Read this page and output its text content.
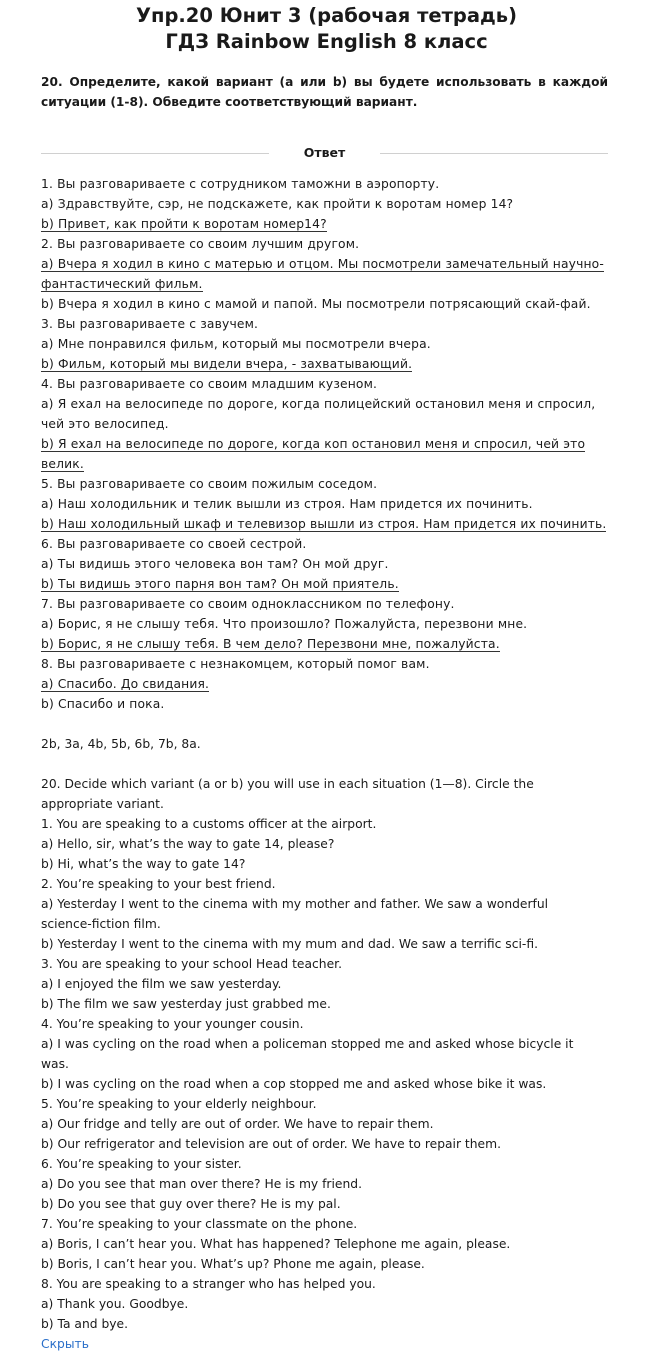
Упр.20 Юнит 3 (рабочая тетрадь)
ГДЗ Rainbow English 8 класс

20. Определите, какой вариант (a или b) вы будете использовать в каждой ситуации (1-8). Обведите соответствующий вариант.

Ответ
1. Вы разговариваете с сотрудником таможни в аэропорту.
а) Здравствуйте, сэр, не подскажете, как пройти к воротам номер 14?
b) Привет, как пройти к воротам номер14?
2. Вы разговариваете со своим лучшим другом.
а) Вчера я ходил в кино с матерью и отцом. Мы посмотрели замечательный научно-
фантастический фильм.
b) Вчера я ходил в кино с мамой и папой. Мы посмотрели потрясающий скай-фай.
3. Вы разговариваете с завучем.
а) Мне понравился фильм, который мы посмотрели вчера.
b) Фильм, который мы видели вчера, - захватывающий.
4. Вы разговариваете со своим младшим кузеном.
а) Я ехал на велосипеде по дороге, когда полицейский остановил меня и спросил,
чей это велосипед.
b) Я ехал на велосипеде по дороге, когда коп остановил меня и спросил, чей это
велик.
5. Вы разговариваете со своим пожилым соседом.
а) Наш холодильник и телик вышли из строя. Нам придется их починить.
b) Наш холодильный шкаф и телевизор вышли из строя. Нам придется их починить.
6. Вы разговариваете со своей сестрой.
а) Ты видишь этого человека вон там? Он мой друг.
b) Ты видишь этого парня вон там? Он мой приятель.
7. Вы разговариваете со своим одноклассником по телефону.
а) Борис, я не слышу тебя. Что произошло? Пожалуйста, перезвони мне.
b) Борис, я не слышу тебя. В чем дело? Перезвони мне, пожалуйста.
8. Вы разговариваете с незнакомцем, который помог вам.
а) Спасибо. До свидания.
b) Спасибо и пока.
2b, 3a, 4b, 5b, 6b, 7b, 8a.
20. Decide which variant (a or b) you will use in each situation (1—8). Circle the
appropriate variant.
1. You are speaking to a customs officer at the airport.
a) Hello, sir, what’s the way to gate 14, please?
b) Hi, what’s the way to gate 14?
2. You’re speaking to your best friend.
a) Yesterday I went to the cinema with my mother and father. We saw a wonderful
science-fiction film.
b) Yesterday I went to the cinema with my mum and dad. We saw a terrific sci-fi.
3. You are speaking to your school Head teacher.
a) I enjoyed the film we saw yesterday.
b) The film we saw yesterday just grabbed me.
4. You’re speaking to your younger cousin.
a) I was cycling on the road when a policeman stopped me and asked whose bicycle it
was.
b) I was cycling on the road when a cop stopped me and asked whose bike it was.
5. You’re speaking to your elderly neighbour.
a) Our fridge and telly are out of order. We have to repair them.
b) Our refrigerator and television are out of order. We have to repair them.
6. You’re speaking to your sister.
a) Do you see that man over there? He is my friend.
b) Do you see that guy over there? He is my pal.
7. You’re speaking to your classmate on the phone.
a) Boris, I can’t hear you. What has happened? Telephone me again, please.
b) Boris, I can’t hear you. What’s up? Phone me again, please.
8. You are speaking to a stranger who has helped you.
a) Thank you. Goodbye.
b) Ta and bye.
Скрыть
